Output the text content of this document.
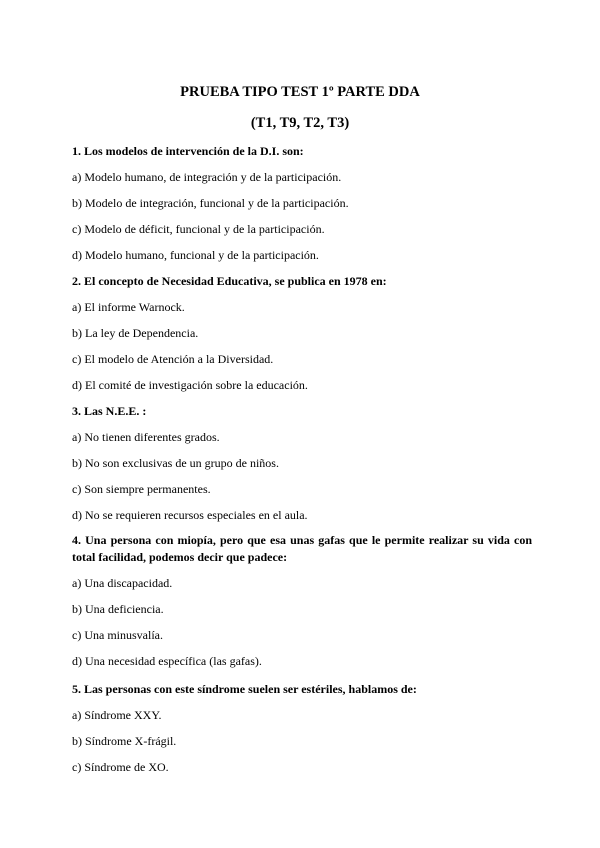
PRUEBA TIPO TEST 1º PARTE DDA
(T1, T9, T2, T3)
1. Los modelos de intervención de la D.I. son:
a) Modelo humano, de integración y de la participación.
b) Modelo de integración, funcional y de la participación.
c) Modelo de déficit, funcional y de la participación.
d) Modelo humano, funcional y de la participación.
2. El concepto de Necesidad Educativa, se publica en 1978 en:
a) El informe Warnock.
b) La ley de Dependencia.
c) El modelo de Atención a la Diversidad.
d) El comité de investigación sobre la educación.
3. Las N.E.E. :
a) No tienen diferentes grados.
b) No son exclusivas de un grupo de niños.
c) Son siempre permanentes.
d) No se requieren recursos especiales en el aula.
4. Una persona con miopía, pero que esa unas gafas que le permite realizar su vida con total facilidad, podemos decir que padece:
a) Una discapacidad.
b) Una deficiencia.
c) Una minusvalía.
d) Una necesidad específica (las gafas).
5. Las personas con este síndrome suelen ser estériles, hablamos de:
a) Síndrome XXY.
b) Síndrome X-frágil.
c) Síndrome de XO.
